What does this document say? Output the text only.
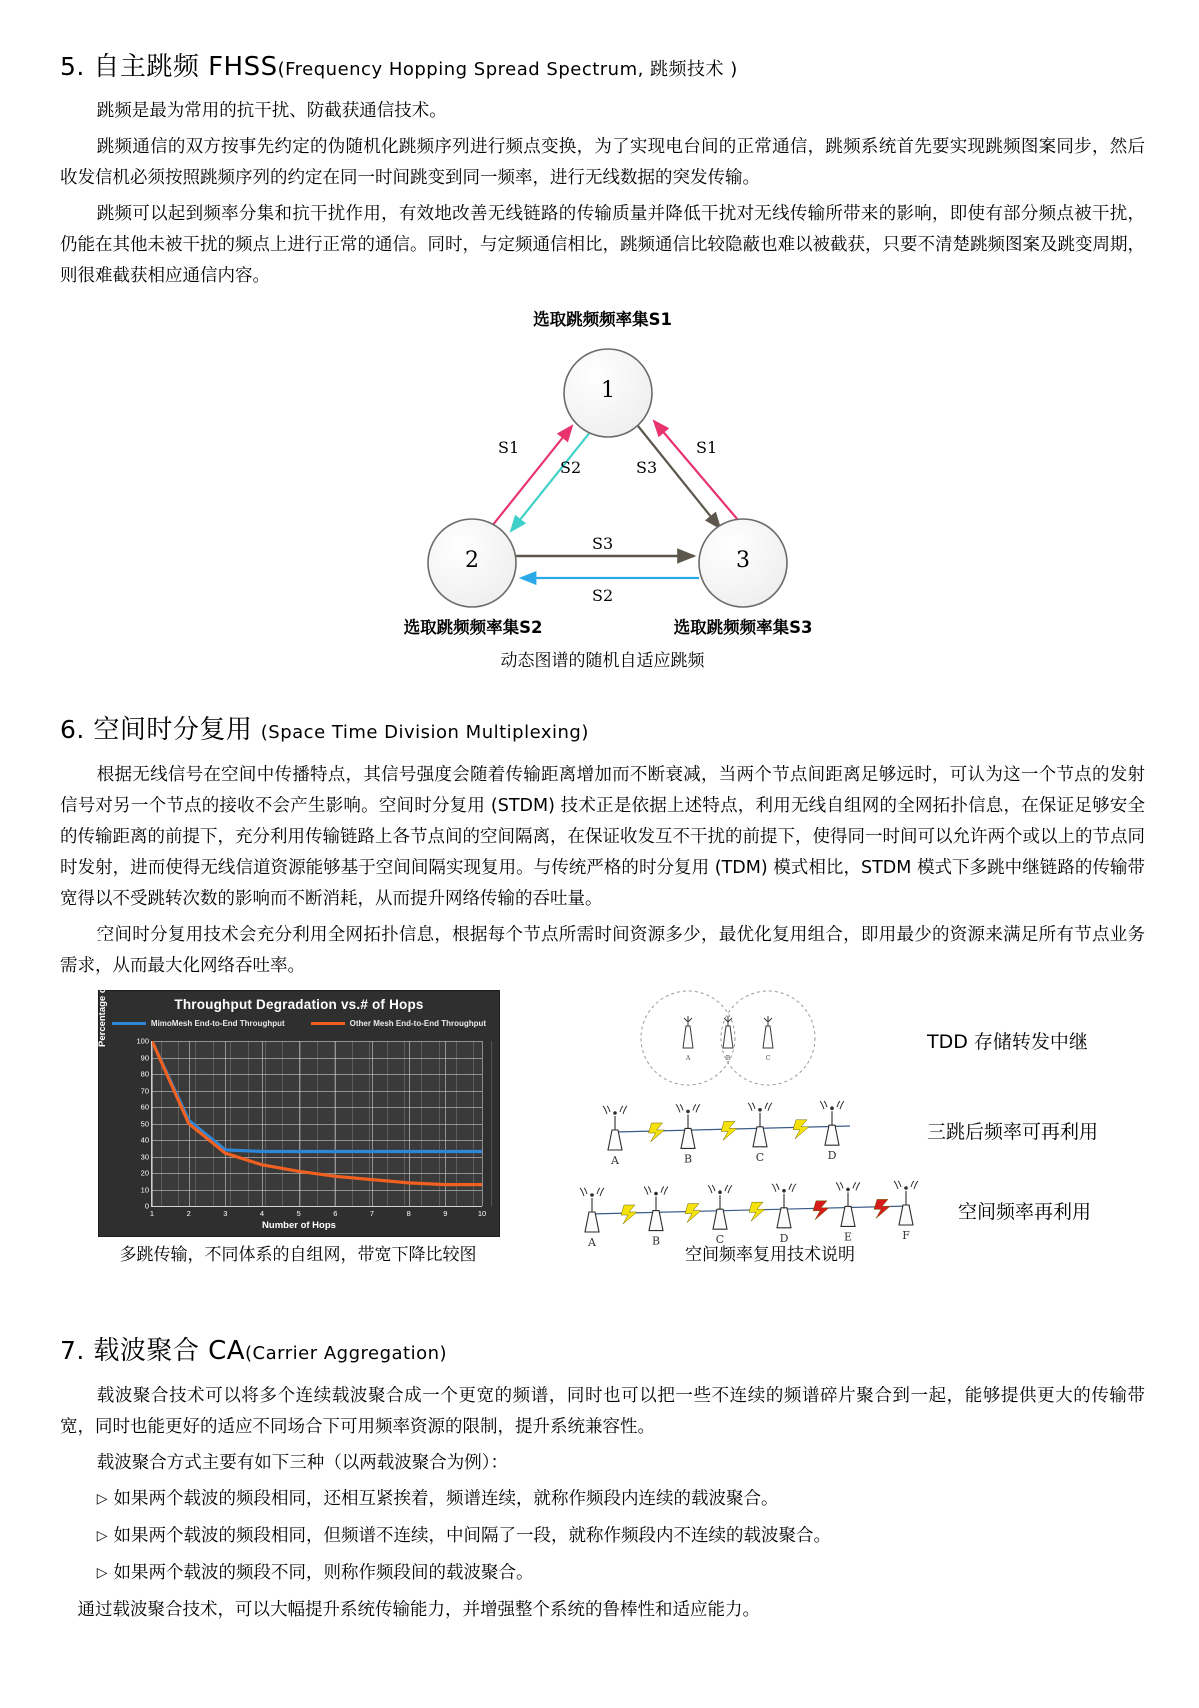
5. 自主跳频 FHSS(Frequency Hopping Spread Spectrum, 跳频技术 )

跳频是最为常用的抗干扰、防截获通信技术。

跳频通信的双方按事先约定的伪随机化跳频序列进行频点变换，为了实现电台间的正常通信，跳频系统首先要实现跳频图案同步，然后收发信机必须按照跳频序列的约定在同一时间跳变到同一频率，进行无线数据的突发传输。

跳频可以起到频率分集和抗干扰作用，有效地改善无线链路的传输质量并降低干扰对无线传输所带来的影响，即使有部分频点被干扰，仍能在其他未被干扰的频点上进行正常的通信。同时，与定频通信相比，跳频通信比较隐蔽也难以被截获，只要不清楚跳频图案及跳变周期，则很难截获相应通信内容。

选取跳频频率集S1
1
2	3
S1
S2	S3
S1
S3
S2
选取跳频频率集S2	选取跳频频率集S3
动态图谱的随机自适应跳频
6. 空间时分复用 (Space Time Division Multiplexing)

根据无线信号在空间中传播特点，其信号强度会随着传输距离增加而不断衰减，当两个节点间距离足够远时，可认为这一个节点的发射信号对另一个节点的接收不会产生影响。空间时分复用 (STDM) 技术正是依据上述特点，利用无线自组网的全网拓扑信息，在保证足够安全的传输距离的前提下，充分利用传输链路上各节点间的空间隔离，在保证收发互不干扰的前提下，使得同一时间可以允许两个或以上的节点同时发射，进而使得无线信道资源能够基于空间间隔实现复用。与传统严格的时分复用 (TDM) 模式相比，STDM 模式下多跳中继链路的传输带宽得以不受跳转次数的影响而不断消耗，从而提升网络传输的吞吐量。

空间时分复用技术会充分利用全网拓扑信息，根据每个节点所需时间资源多少，最优化复用组合，即用最少的资源来满足所有节点业务需求，从而最大化网络吞吐率。

Throughput Degradation vs.# of Hops
MimoMesh End-to-End Throughput	Other Mesh End-to-End Throughput
0
10
20
30
40
50
60
70
80
90
100
1	2	3	4	5	6	7	8	9	10
Percentage of Max Throughput
Number of Hops
多跳传输，不同体系的自组网，带宽下降比较图
A	B	C
TDD 存储转发中继
A	B	C	D
三跳后频率可再利用
A	B	C	D	E	F
空间频率再利用
空间频率复用技术说明
7. 载波聚合 CA(Carrier Aggregation)

载波聚合技术可以将多个连续载波聚合成一个更宽的频谱，同时也可以把一些不连续的频谱碎片聚合到一起，能够提供更大的传输带宽，同时也能更好的适应不同场合下可用频率资源的限制，提升系统兼容性。

载波聚合方式主要有如下三种（以两载波聚合为例）：

▷ 如果两个载波的频段相同，还相互紧挨着，频谱连续，就称作频段内连续的载波聚合。

▷ 如果两个载波的频段相同，但频谱不连续，中间隔了一段，就称作频段内不连续的载波聚合。

▷ 如果两个载波的频段不同，则称作频段间的载波聚合。

通过载波聚合技术，可以大幅提升系统传输能力，并增强整个系统的鲁棒性和适应能力。
